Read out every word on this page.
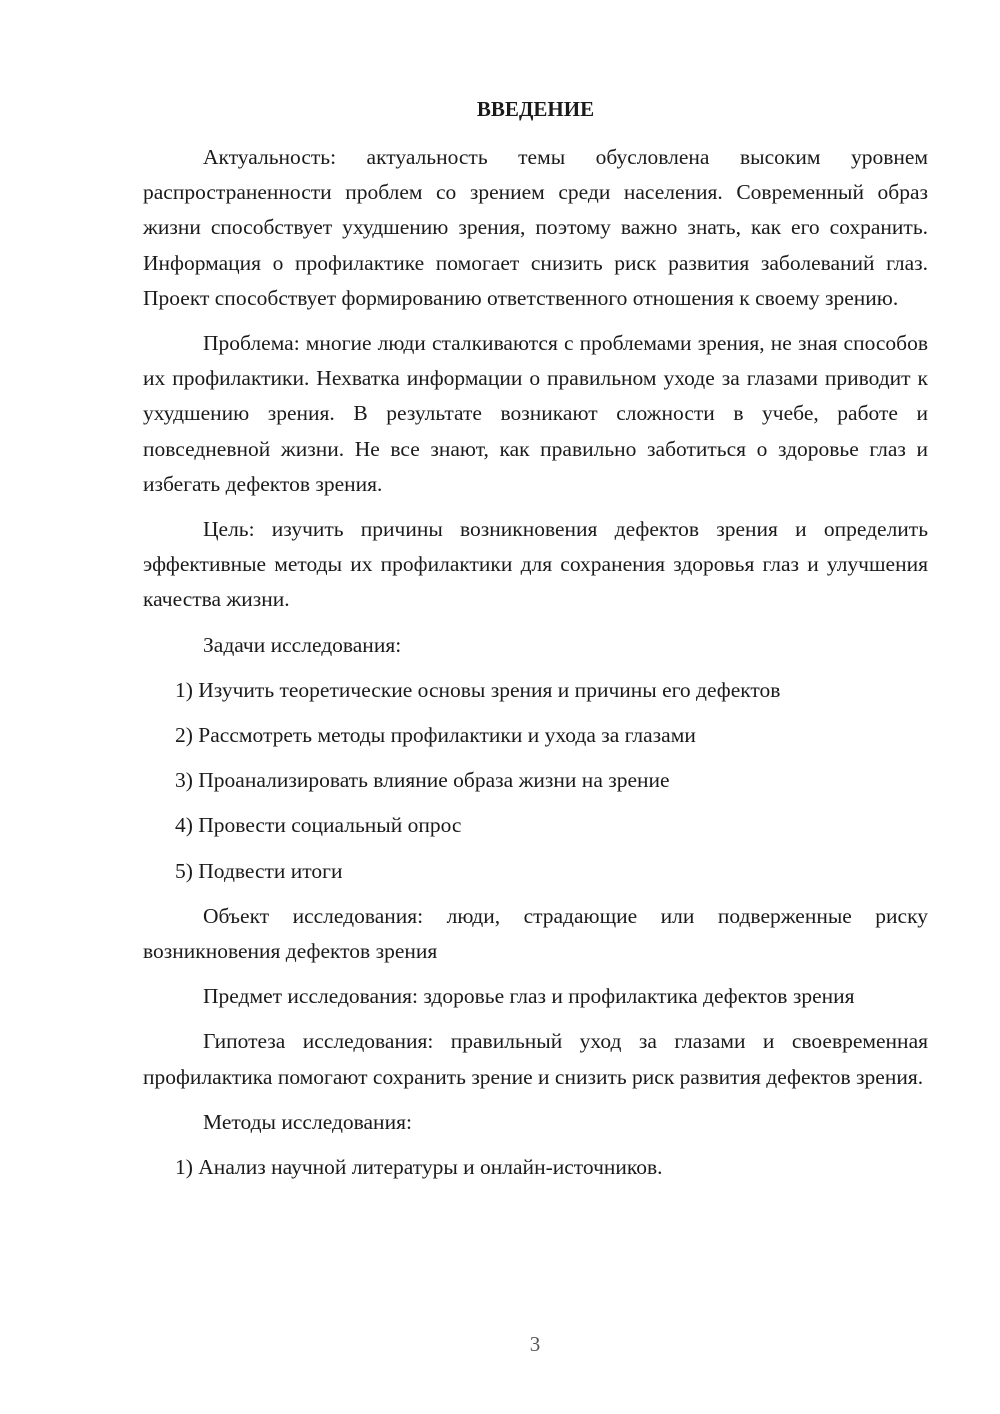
ВВЕДЕНИЕ

Актуальность: актуальность темы обусловлена высоким уровнем распространенности проблем со зрением среди населения. Современный образ жизни способствует ухудшению зрения, поэтому важно знать, как его сохранить. Информация о профилактике помогает снизить риск развития заболеваний глаз. Проект способствует формированию ответственного отношения к своему зрению.

Проблема: многие люди сталкиваются с проблемами зрения, не зная способов их профилактики. Нехватка информации о правильном уходе за глазами приводит к ухудшению зрения. В результате возникают сложности в учебе, работе и повседневной жизни. Не все знают, как правильно заботиться о здоровье глаз и избегать дефектов зрения.

Цель: изучить причины возникновения дефектов зрения и определить эффективные методы их профилактики для сохранения здоровья глаз и улучшения качества жизни.

Задачи исследования:

1) Изучить теоретические основы зрения и причины его дефектов
2) Рассмотреть методы профилактики и ухода за глазами
3) Проанализировать влияние образа жизни на зрение
4) Провести социальный опрос
5) Подвести итоги

Объект исследования: люди, страдающие или подверженные риску возникновения дефектов зрения

Предмет исследования: здоровье глаз и профилактика дефектов зрения

Гипотеза исследования: правильный уход за глазами и своевременная профилактика помогают сохранить зрение и снизить риск развития дефектов зрения.

Методы исследования:

1) Анализ научной литературы и онлайн-источников.
3
